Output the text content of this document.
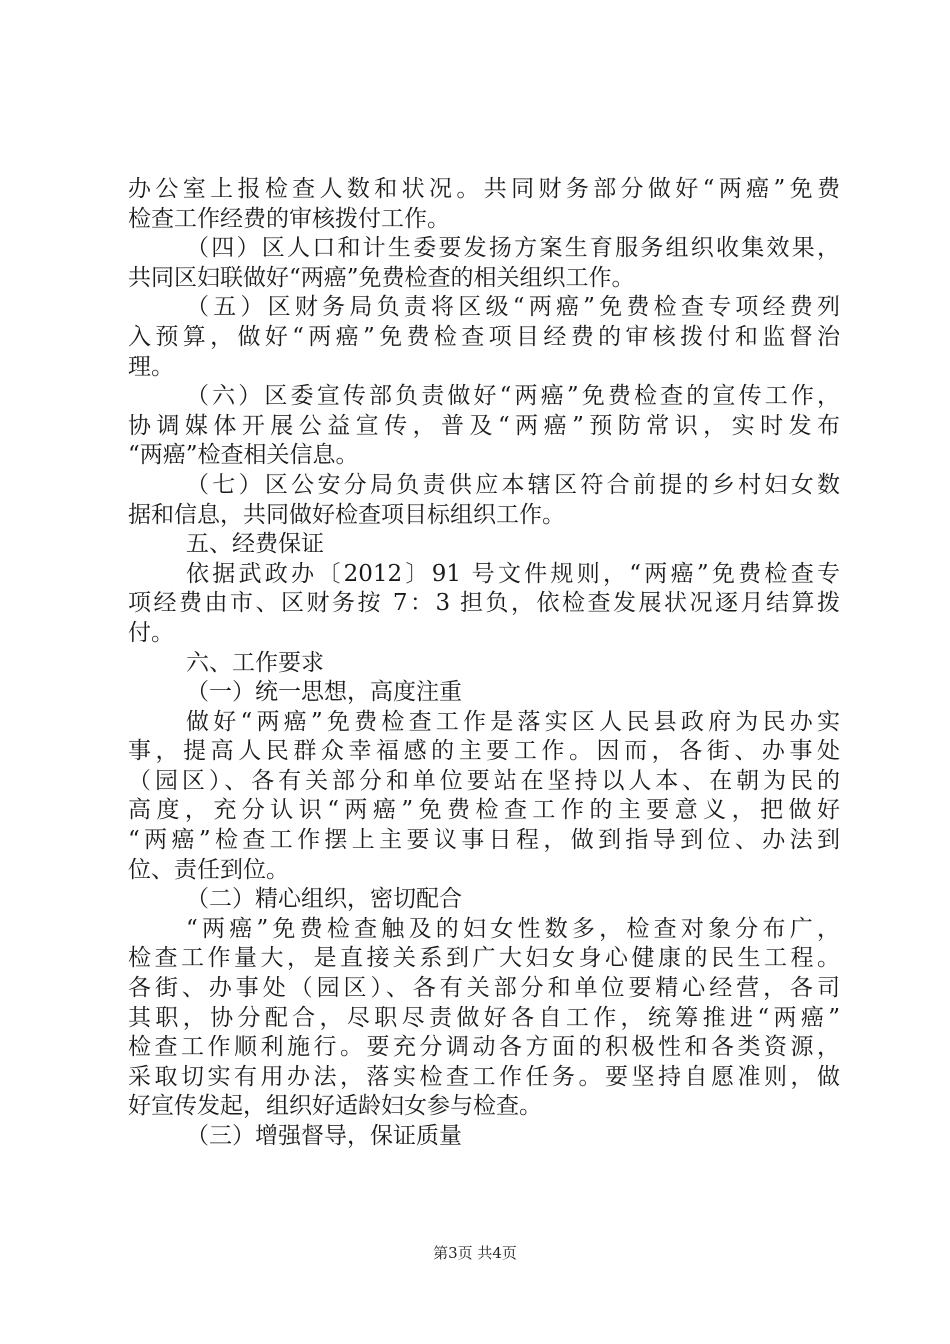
办公室上报检查人数和状况。共同财务部分做好“两癌”免费
检查工作经费的审核拨付工作。
（四）区人口和计生委要发扬方案生育服务组织收集效果，
共同区妇联做好“两癌”免费检查的相关组织工作。
（五）区财务局负责将区级“两癌”免费检查专项经费列
入预算，做好“两癌”免费检查项目经费的审核拨付和监督治
理。
（六）区委宣传部负责做好“两癌”免费检查的宣传工作，
协调媒体开展公益宣传，普及“两癌”预防常识，实时发布
“两癌”检查相关信息。
（七）区公安分局负责供应本辖区符合前提的乡村妇女数
据和信息，共同做好检查项目标组织工作。
五、经费保证
依据武政办〔2012〕91 号文件规则，“两癌”免费检查专
项经费由市、区财务按 7：3 担负，依检查发展状况逐月结算拨
付。
六、工作要求
（一）统一思想，高度注重
做好“两癌”免费检查工作是落实区人民县政府为民办实
事，提高人民群众幸福感的主要工作。因而，各街、办事处
（园区）、各有关部分和单位要站在坚持以人本、在朝为民的
高度，充分认识“两癌”免费检查工作的主要意义，把做好
“两癌”检查工作摆上主要议事日程，做到指导到位、办法到
位、责任到位。
（二）精心组织，密切配合
“两癌”免费检查触及的妇女性数多，检查对象分布广，
检查工作量大，是直接关系到广大妇女身心健康的民生工程。
各街、办事处（园区）、各有关部分和单位要精心经营，各司
其职，协分配合，尽职尽责做好各自工作，统筹推进“两癌”
检查工作顺利施行。要充分调动各方面的积极性和各类资源，
采取切实有用办法，落实检查工作任务。要坚持自愿准则，做
好宣传发起，组织好适龄妇女参与检查。
（三）增强督导，保证质量
第3页 共4页
